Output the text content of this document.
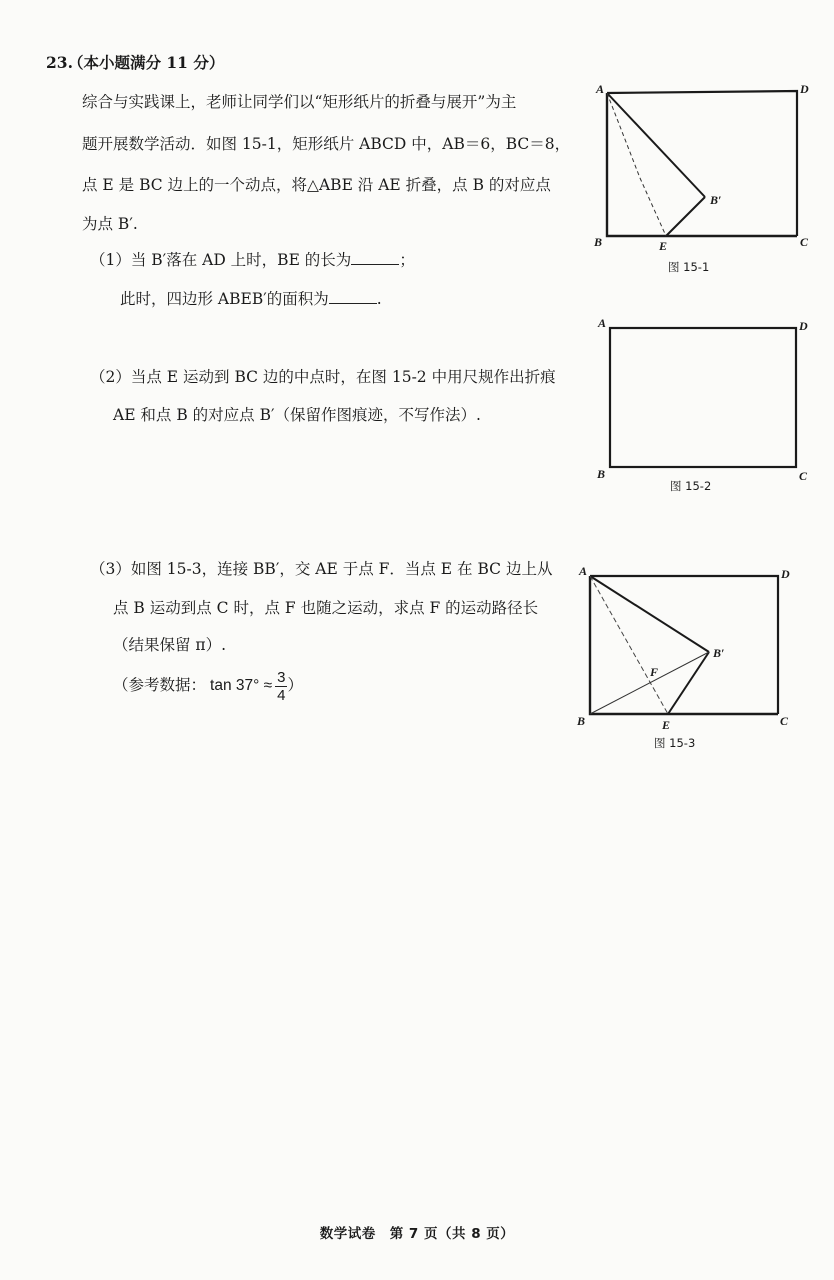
23.
（本小题满分 11 分）
综合与实践课上，老师让同学们以“矩形纸片的折叠与展开”为主
题开展数学活动．如图 15-1，矩形纸片 ABCD 中，AB＝6，BC＝8，
点 E 是 BC 边上的一个动点，将△ABE 沿 AE 折叠，点 B 的对应点
为点 B′.
（1）当 B′落在 AD 上时，BE 的长为	；
此时，四边形 ABEB′的面积为	.
（2）当点 E 运动到 BC 边的中点时，在图 15-2 中用尺规作出折痕
AE 和点 B 的对应点 B′（保留作图痕迹，不写作法）.
（3）如图 15-3，连接 BB′，交 AE 于点 F．当点 E 在 BC 边上从
点 B 运动到点 C 时，点 F 也随之运动，求点 F 的运动路径长
（结果保留 π）.
（参考数据： $\tan 37^\circ \approx \frac{3}{4}$ ）
A	D
B	C
E
B′
图 15-1
A	D
B	C
图 15-2
A	D
B	C
E
B′
F
图 15-3
数学试卷　第 7 页（共 8 页）
